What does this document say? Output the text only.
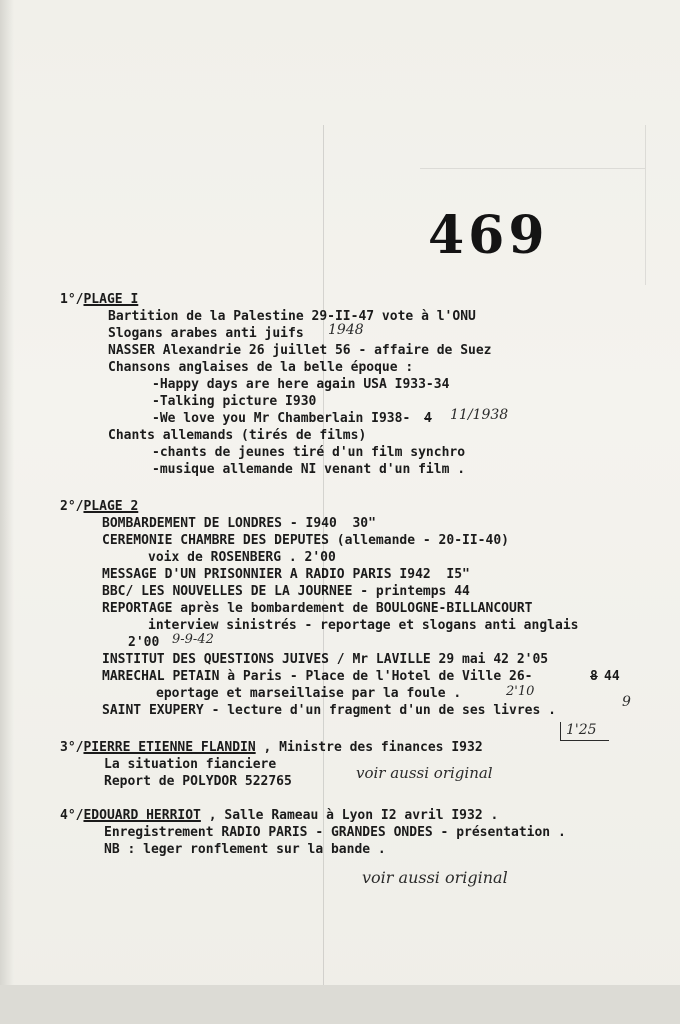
469
1°/PLAGE I
Bartition de la Palestine 29-II-47 vote à l'ONU
Slogans arabes anti juifs 1948
NASSER Alexandrie 26 juillet 56 - affaire de Suez
Chansons anglaises de la belle époque :
-Happy days are here again USA I933-34
-Talking picture I930
-We love you Mr Chamberlain I938- 4 11/1938
Chants allemands (tirés de films)
-chants de jeunes tiré d'un film synchro
-musique allemande NI venant d'un film .
2°/PLAGE 2
BOMBARDEMENT DE LONDRES - I940  30"
CEREMONIE CHAMBRE DES DEPUTES (allemande - 20-II-40)
voix de ROSENBERG . 2'00
MESSAGE D'UN PRISONNIER A RADIO PARIS I942  I5"
BBC/ LES NOUVELLES DE LA JOURNEE - printemps 44
REPORTAGE après le bombardement de BOULOGNE-BILLANCOURT
interview sinistrés - reportage et slogans anti anglais
2'00 9-9-42
INSTITUT DES QUESTIONS JUIVES / Mr LAVILLE 29 mai 42 2'05
MARECHAL PETAIN à Paris - Place de l'Hotel de Ville 26-	8 44
eportage et marseillaise par la foule .	2'10
SAINT EXUPERY - lecture d'un fragment d'un de ses livres .
9
1'25
3°/PIERRE ETIENNE FLANDIN , Ministre des finances I932
La situation fianciere
Report de POLYDOR 522765	voir aussi original
4°/EDOUARD HERRIOT , Salle Rameau à Lyon I2 avril I932 .
Enregistrement RADIO PARIS - GRANDES ONDES - présentation .
NB : leger ronflement sur la bande .
voir aussi original
